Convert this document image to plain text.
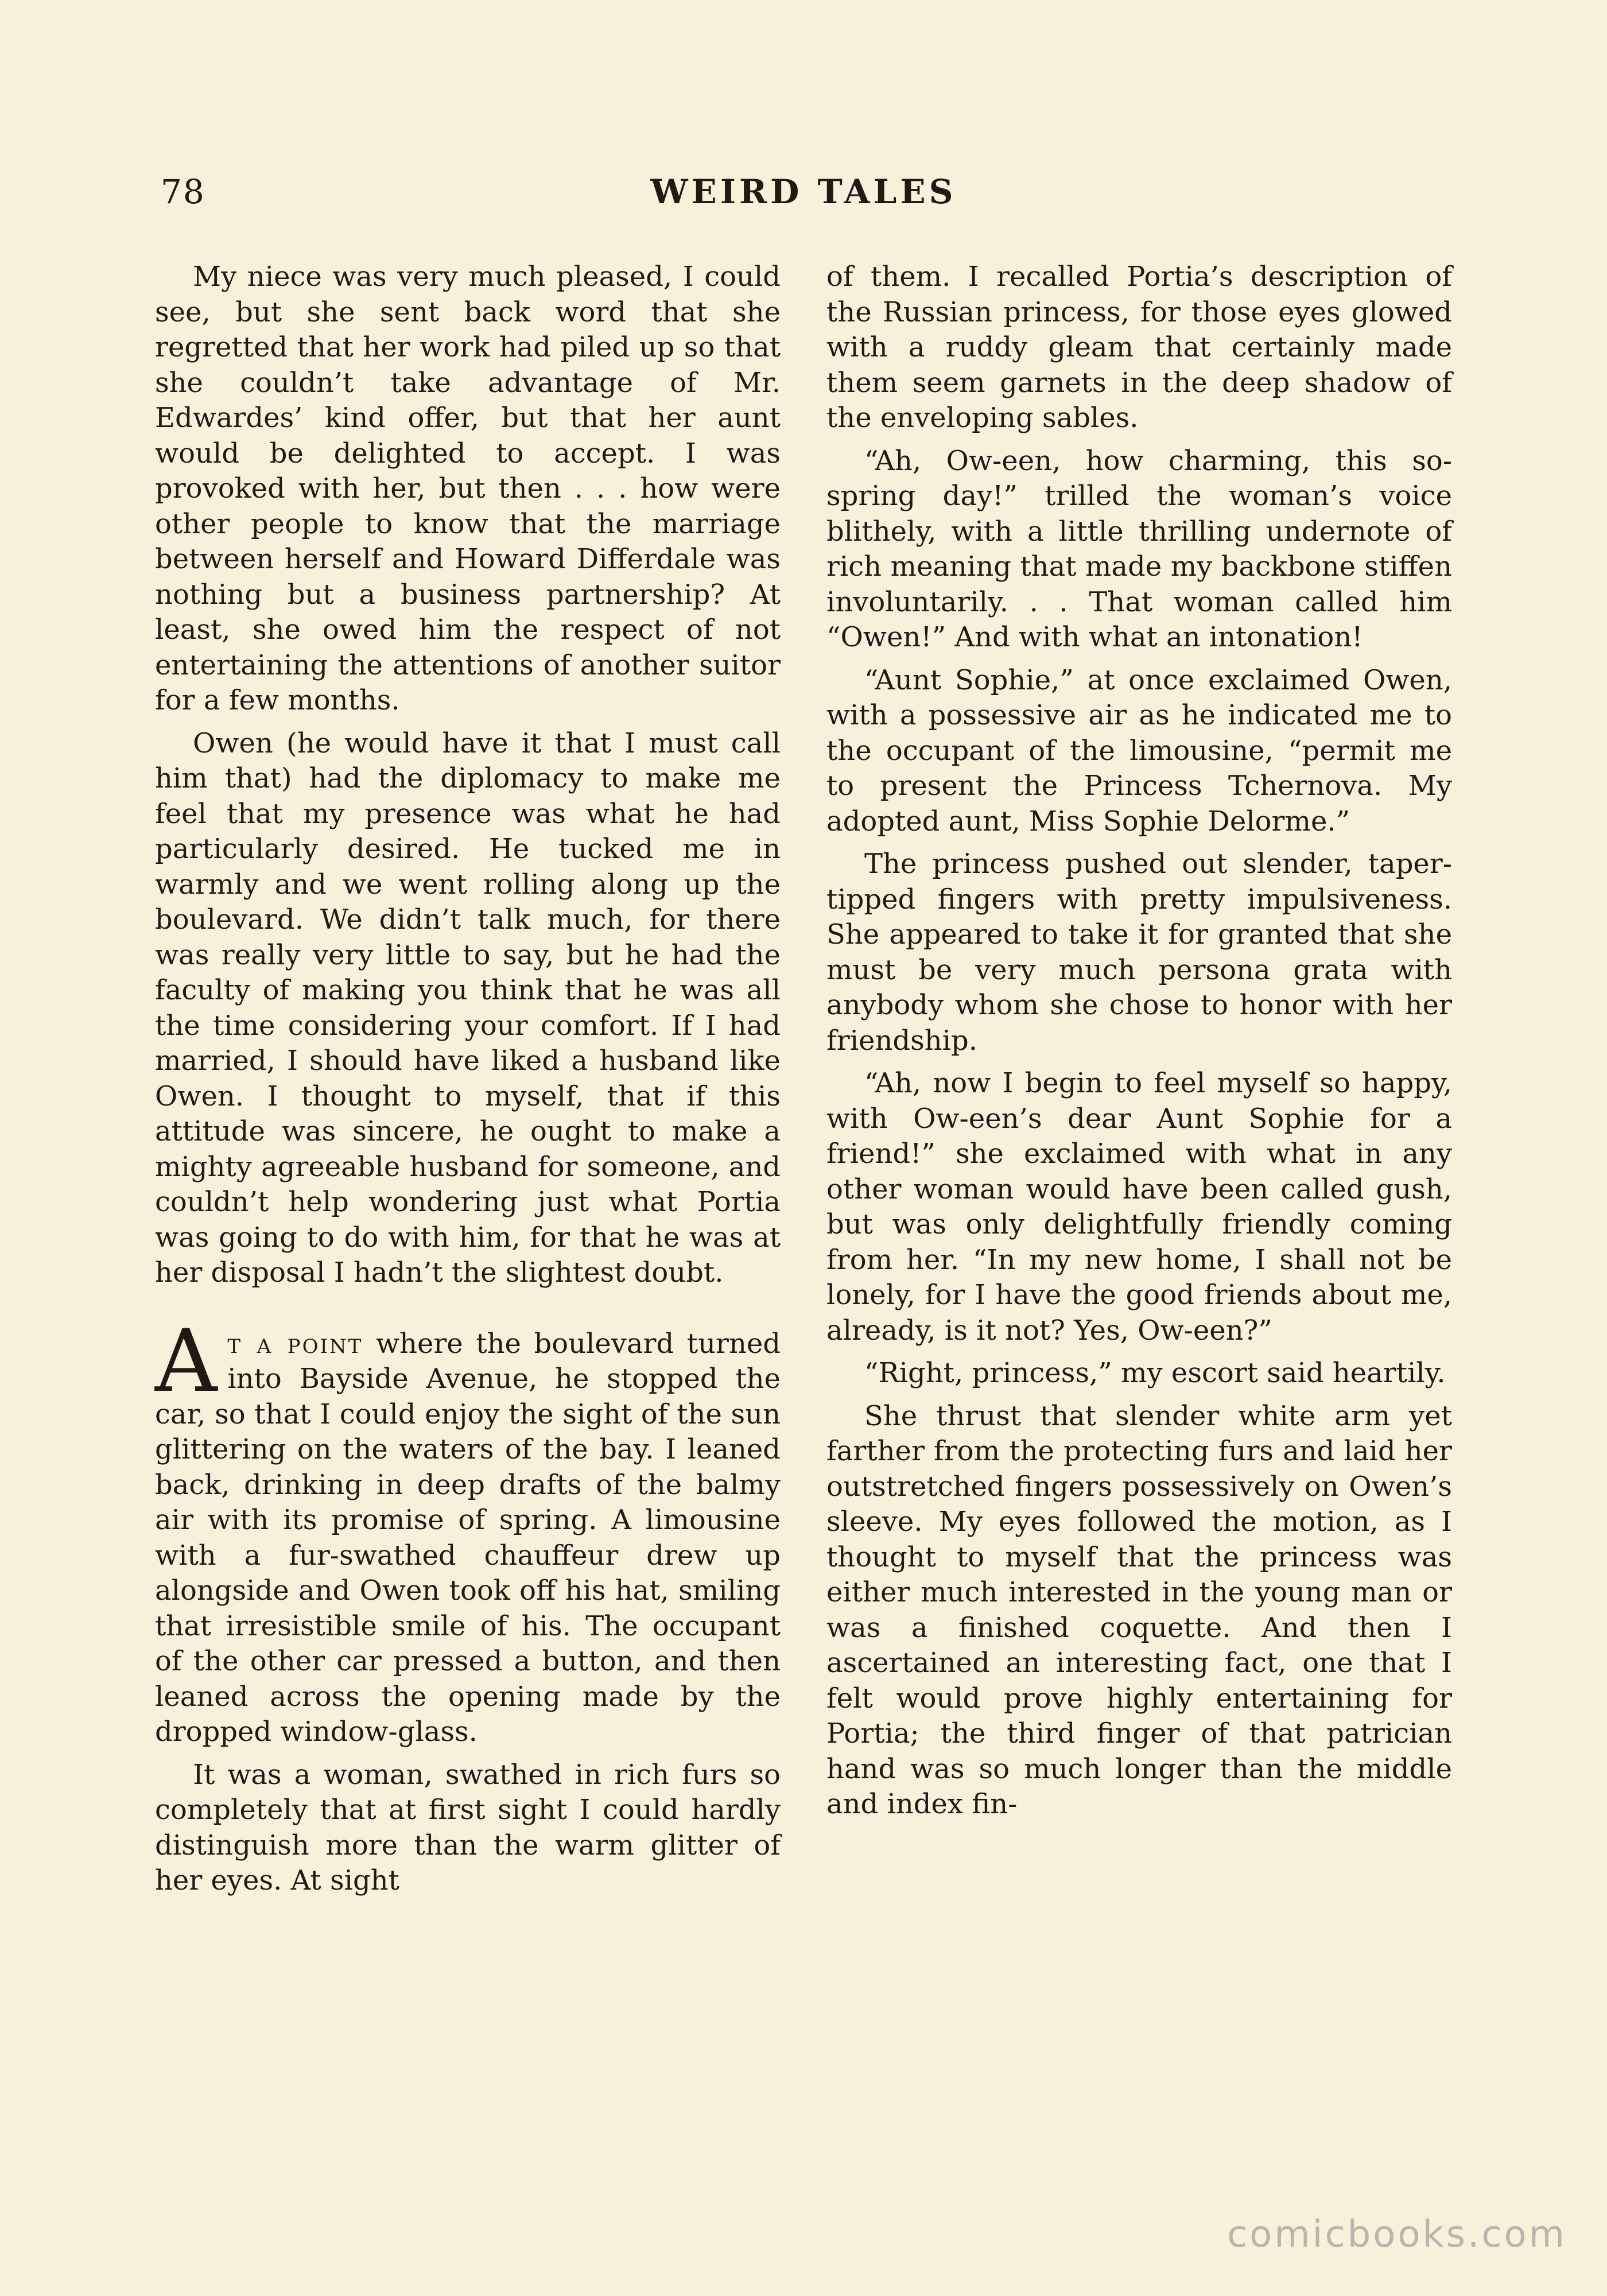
78	WEIRD TALES

My niece was very much pleased, I could see, but she sent back word that she regretted that her work had piled up so that she couldn’t take advantage of Mr. Edwardes’ kind offer, but that her aunt would be delighted to accept. I was provoked with her, but then . . . how were other people to know that the marriage between herself and Howard Differdale was nothing but a business partnership? At least, she owed him the respect of not entertaining the attentions of another suitor for a few months.

Owen (he would have it that I must call him that) had the diplomacy to make me feel that my presence was what he had particularly desired. He tucked me in warmly and we went rolling along up the boulevard. We didn’t talk much, for there was really very little to say, but he had the faculty of making you think that he was all the time considering your comfort. If I had married, I should have liked a husband like Owen. I thought to myself, that if this attitude was sincere, he ought to make a mighty agreeable husband for someone, and couldn’t help wondering just what Portia was going to do with him, for that he was at her disposal I hadn’t the slightest doubt.

At a point where the boulevard turned into Bayside Avenue, he stopped the car, so that I could enjoy the sight of the sun glittering on the waters of the bay. I leaned back, drinking in deep drafts of the balmy air with its promise of spring. A limousine with a fur-swathed chauffeur drew up alongside and Owen took off his hat, smiling that irresistible smile of his. The occupant of the other car pressed a button, and then leaned across the opening made by the dropped window-glass.

It was a woman, swathed in rich furs so completely that at first sight I could hardly distinguish more than the warm glitter of her eyes. At sight

of them. I recalled Portia’s description of the Russian princess, for those eyes glowed with a ruddy gleam that certainly made them seem garnets in the deep shadow of the enveloping sables.

“Ah, Ow-een, how charming, this so-spring day!” trilled the woman’s voice blithely, with a little thrilling undernote of rich meaning that made my backbone stiffen involuntarily. . . That woman called him “Owen!” And with what an intonation!

“Aunt Sophie,” at once exclaimed Owen, with a possessive air as he indicated me to the occupant of the limousine, “permit me to present the Princess Tchernova. My adopted aunt, Miss Sophie Delorme.”

The princess pushed out slender, taper-tipped fingers with pretty impulsiveness. She appeared to take it for granted that she must be very much persona grata with anybody whom she chose to honor with her friendship.

“Ah, now I begin to feel myself so happy, with Ow-een’s dear Aunt Sophie for a friend!” she exclaimed with what in any other woman would have been called gush, but was only delightfully friendly coming from her. “In my new home, I shall not be lonely, for I have the good friends about me, already, is it not? Yes, Ow-een?”

“Right, princess,” my escort said heartily.

She thrust that slender white arm yet farther from the protecting furs and laid her outstretched fingers possessively on Owen’s sleeve. My eyes followed the motion, as I thought to myself that the princess was either much interested in the young man or was a finished coquette. And then I ascertained an interesting fact, one that I felt would prove highly entertaining for Portia; the third finger of that patrician hand was so much longer than the middle and index fin-

comicbooks.com
